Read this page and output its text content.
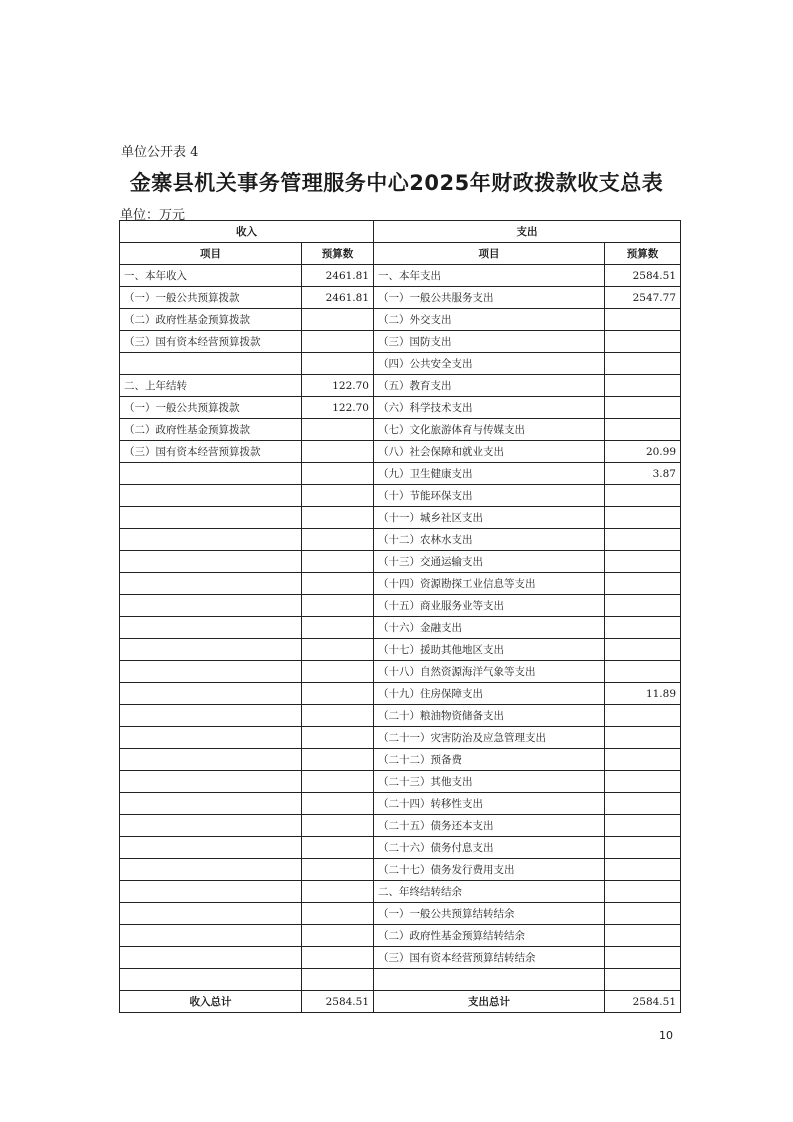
单位公开表 4
金寨县机关事务管理服务中心2025年财政拨款收支总表
单位：万元
收入		支出	
项目	预算数	项目	预算数
一、本年收入	2461.81	一、本年支出	2584.51
（一）一般公共预算拨款	2461.81	（一）一般公共服务支出	2547.77
（二）政府性基金预算拨款		（二）外交支出	
（三）国有资本经营预算拨款		（三）国防支出	
		（四）公共安全支出	
二、上年结转	122.70	（五）教育支出	
（一）一般公共预算拨款	122.70	（六）科学技术支出	
（二）政府性基金预算拨款		（七）文化旅游体育与传媒支出	
（三）国有资本经营预算拨款		（八）社会保障和就业支出	20.99
		（九）卫生健康支出	3.87
		（十）节能环保支出	
		（十一）城乡社区支出	
		（十二）农林水支出	
		（十三）交通运输支出	
		（十四）资源勘探工业信息等支出	
		（十五）商业服务业等支出	
		（十六）金融支出	
		（十七）援助其他地区支出	
		（十八）自然资源海洋气象等支出	
		（十九）住房保障支出	11.89
		（二十）粮油物资储备支出	
		（二十一）灾害防治及应急管理支出	
		（二十二）预备费	
		（二十三）其他支出	
		（二十四）转移性支出	
		（二十五）债务还本支出	
		（二十六）债务付息支出	
		（二十七）债务发行费用支出	
		二、年终结转结余	
		（一）一般公共预算结转结余	
		（二）政府性基金预算结转结余	
		（三）国有资本经营预算结转结余	

收入总计	2584.51	支出总计	2584.51
10
